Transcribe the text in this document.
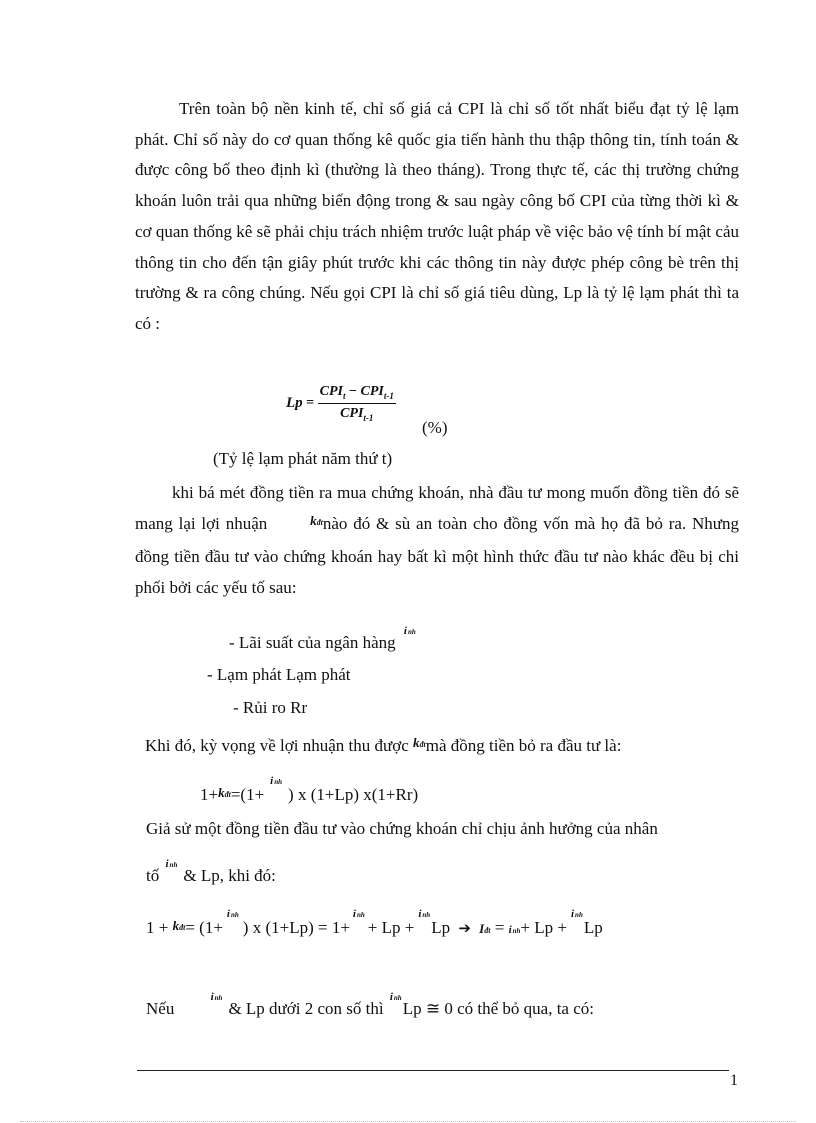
Trên toàn bộ nền kinh tế, chỉ số giá cả CPI là chỉ số tốt nhất biểu đạt tỷ lệ lạm phát. Chỉ số này do cơ quan thống kê quốc gia tiến hành thu thập thông tin, tính toán & được công bố theo định kì (thường là theo tháng). Trong thực tế, các thị trường chứng khoán luôn trải qua những biến động trong & sau ngày công bố CPI của từng thời kì & cơ quan thống kê sẽ phải chịu trách nhiệm trước luật pháp về việc bảo vệ tính bí mật cảu thông tin cho đến tận giây phút trước khi các thông tin này được phép công bè trên thị trường & ra công chúng. Nếu gọi CPI là chỉ số giá tiêu dùng, Lp là tỷ lệ lạm phát thì ta có :

$Lp = \frac{CPI_t - CPI_{t-1}}{CPI_{t-1}}$
(%)
(Tỷ lệ lạm phát năm thứ t)

khi bá mét đồng tiền ra mua chứng khoán, nhà đầu tư mong muốn đồng tiền đó sẽ mang lại lợi nhuận	kđtnào đó & sù an toàn cho đồng vốn mà họ đã bỏ ra. Nhưng đồng tiền đầu tư vào chứng khoán hay bất kì một hình thức đầu tư nào khác đều bị chi phối bởi các yếu tố sau:

- Lãi suất của ngân hàng inh
- Lạm phát Lạm phát
- Rủi ro Rr
Khi đó, kỳ vọng về lợi nhuận thu được kđtmà đồng tiền bỏ ra đầu tư là:
1+kđt=(1+inh) x (1+Lp) x(1+Rr)
Giả sử một đồng tiền đầu tư vào chứng khoán chỉ chịu ảnh hưởng của nhân
tố inh& Lp, khi đó:
1 + kđt= (1+inh) x (1+Lp) = 1+inh+ Lp +inhLp ➔ Iđt = inh+ Lp +inhLp
Nếu inh& Lp dưới 2 con số thì inhLp ≅ 0 có thể bỏ qua, ta có:
1
